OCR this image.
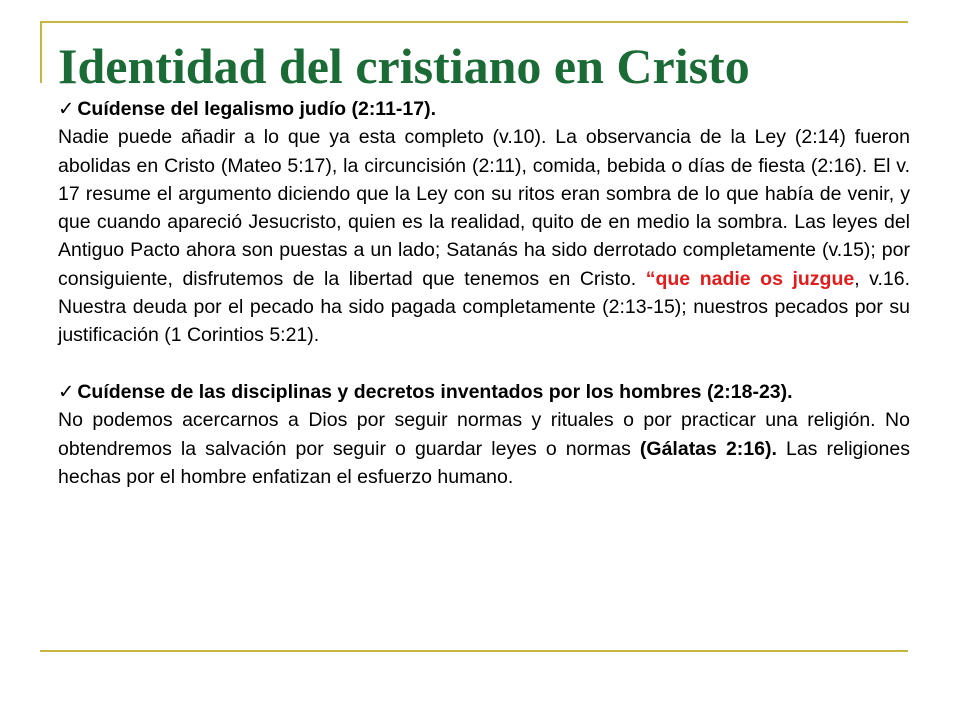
Identidad del cristiano en Cristo

✓ Cuídense del legalismo judío (2:11-17).

Nadie puede añadir a lo que ya esta completo (v.10). La observancia de la Ley (2:14) fueron abolidas en Cristo (Mateo 5:17), la circuncisión (2:11), comida, bebida o días de fiesta (2:16). El v. 17 resume el argumento diciendo que la Ley con su ritos eran sombra de lo que había de venir, y que cuando apareció Jesucristo, quien es la realidad, quito de en medio la sombra. Las leyes del Antiguo Pacto ahora son puestas a un lado; Satanás ha sido derrotado completamente (v.15); por consiguiente, disfrutemos de la libertad que tenemos en Cristo. “que nadie os juzgue, v.16. Nuestra deuda por el pecado ha sido pagada completamente (2:13-15); nuestros pecados por su justificación (1 Corintios 5:21).

✓ Cuídense de las disciplinas y decretos inventados por los hombres (2:18-23).

No podemos acercarnos a Dios por seguir normas y rituales o por practicar una religión. No obtendremos la salvación por seguir o guardar leyes o normas (Gálatas 2:16). Las religiones hechas por el hombre enfatizan el esfuerzo humano.
